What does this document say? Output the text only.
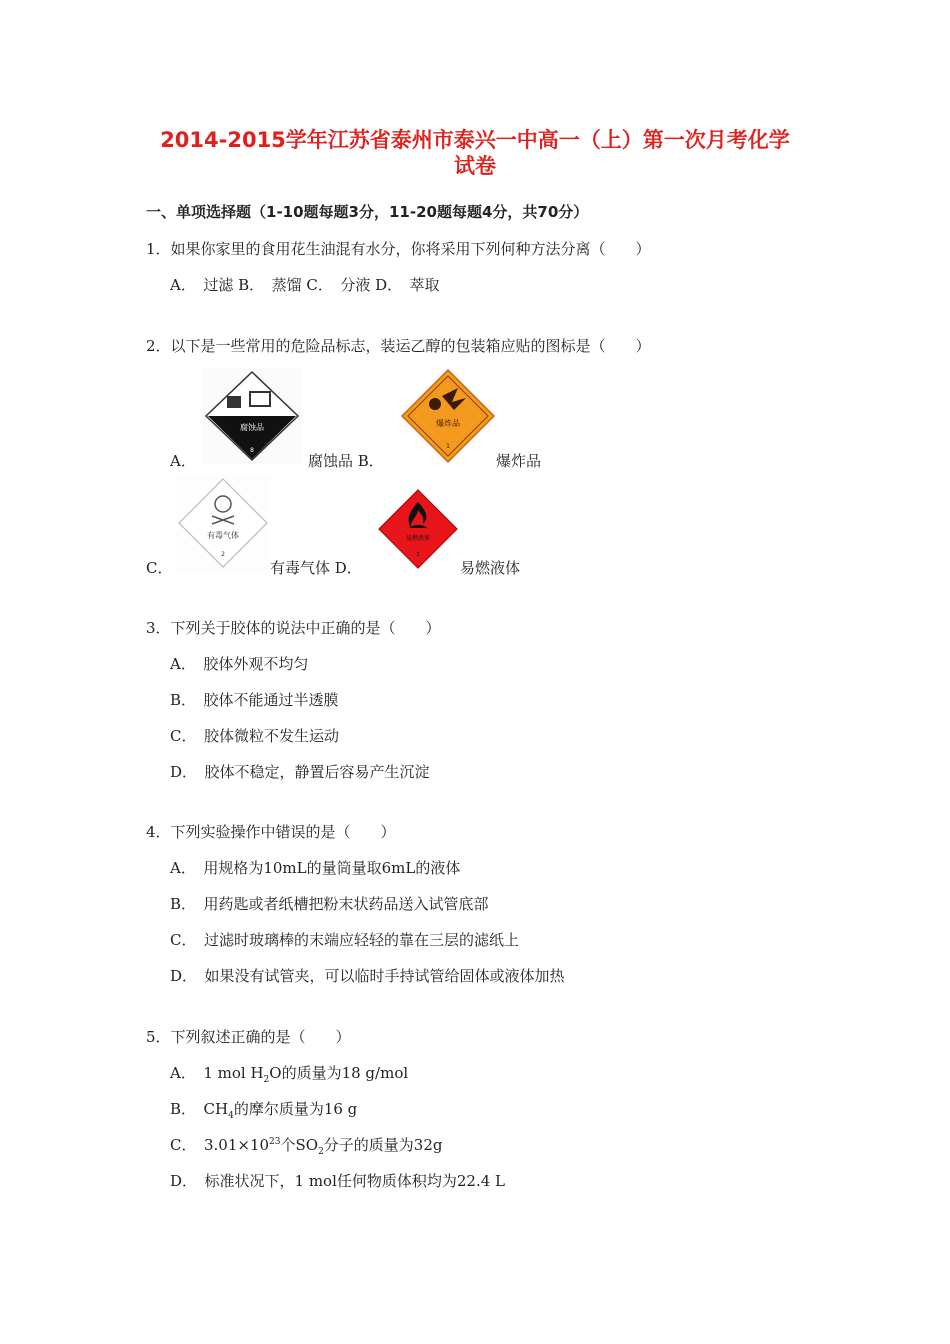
2014-2015学年江苏省泰州市泰兴一中高一（上）第一次月考化学
试卷
一、单项选择题（1-10题每题3分，11-20题每题4分，共70分）
1．如果你家里的食用花生油混有水分，你将采用下列何种方法分离（　　）
A．　过滤 B．　蒸馏 C．　分液 D．　萃取
2．以下是一些常用的危险品标志，装运乙醇的包装箱应贴的图标是（　　）
A．
腐蚀品
8
腐蚀品 B．
爆炸品
1
爆炸品
C．
有毒气体
2
有毒气体 D．
易燃液体
3
易燃液体
3．下列关于胶体的说法中正确的是（　　）
A．　胶体外观不均匀
B．　胶体不能通过半透膜
C．　胶体微粒不发生运动
D．　胶体不稳定，静置后容易产生沉淀
4．下列实验操作中错误的是（　　）
A．　用规格为10mL的量筒量取6mL的液体
B．　用药匙或者纸槽把粉末状药品送入试管底部
C．　过滤时玻璃棒的末端应轻轻的靠在三层的滤纸上
D．　如果没有试管夹，可以临时手持试管给固体或液体加热
5．下列叙述正确的是（　　）
A．　1 mol $H_2O$的质量为18 g/mol
B．　$CH_4$的摩尔质量为16 g
C．　$3.01\times 10^{23}$个$SO_2$分子的质量为32g
D．　标准状况下，1 mol任何物质体积均为22.4 L
